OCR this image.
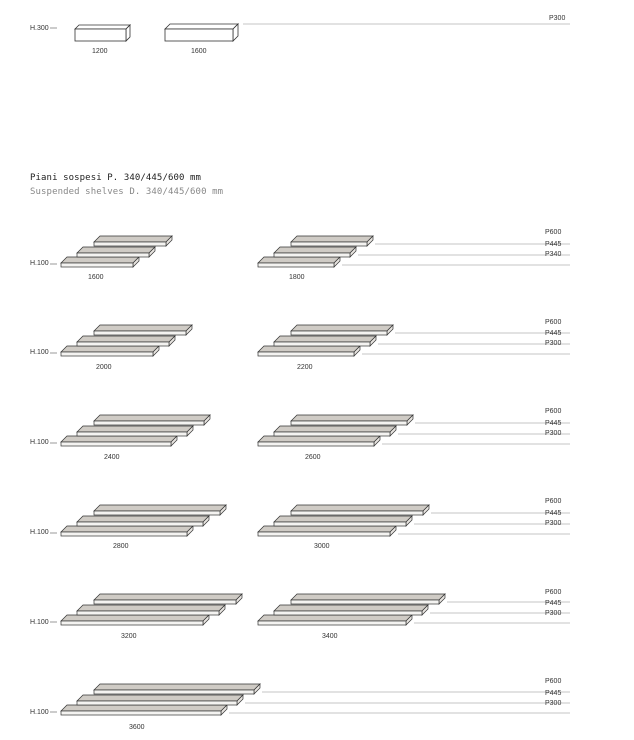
H.300
P300
1200	1600
Piani sospesi P. 340/445/600 mm
Suspended shelves D. 340/445/600 mm
H.100
1600	1800
P600
P445
P340
H.100
2000	2200
P600
P445
P300
H.100
2400	2600
P600
P445
P300
H.100
2800	3000
P600
P445
P300
H.100
3200	3400
P600
P445
P300
H.100
3600
P600
P445
P300
